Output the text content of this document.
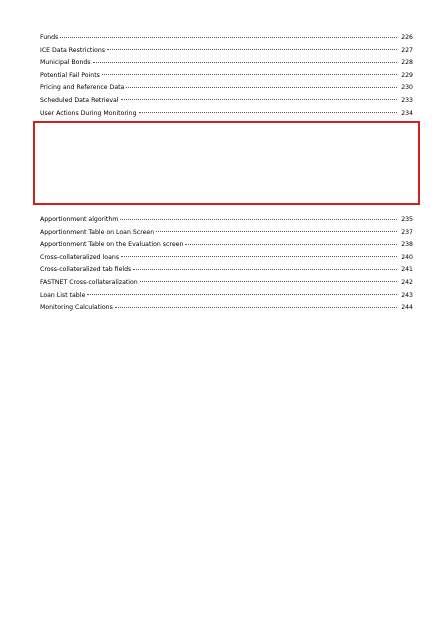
Funds	226
ICE Data Restrictions	227
Municipal Bonds	228
Potential Fail Points	229
Pricing and Reference Data	230
Scheduled Data Retrieval	233
User Actions During Monitoring	234
Apportionment algorithm	235
Apportionment Table on Loan Screen	237
Apportionment Table on the Evaluation screen	238
Cross-collateralized loans	240
Cross-collateralized tab fields	241
FASTNET Cross-collateralization	242
Loan List table	243
Monitoring Calculations	244
